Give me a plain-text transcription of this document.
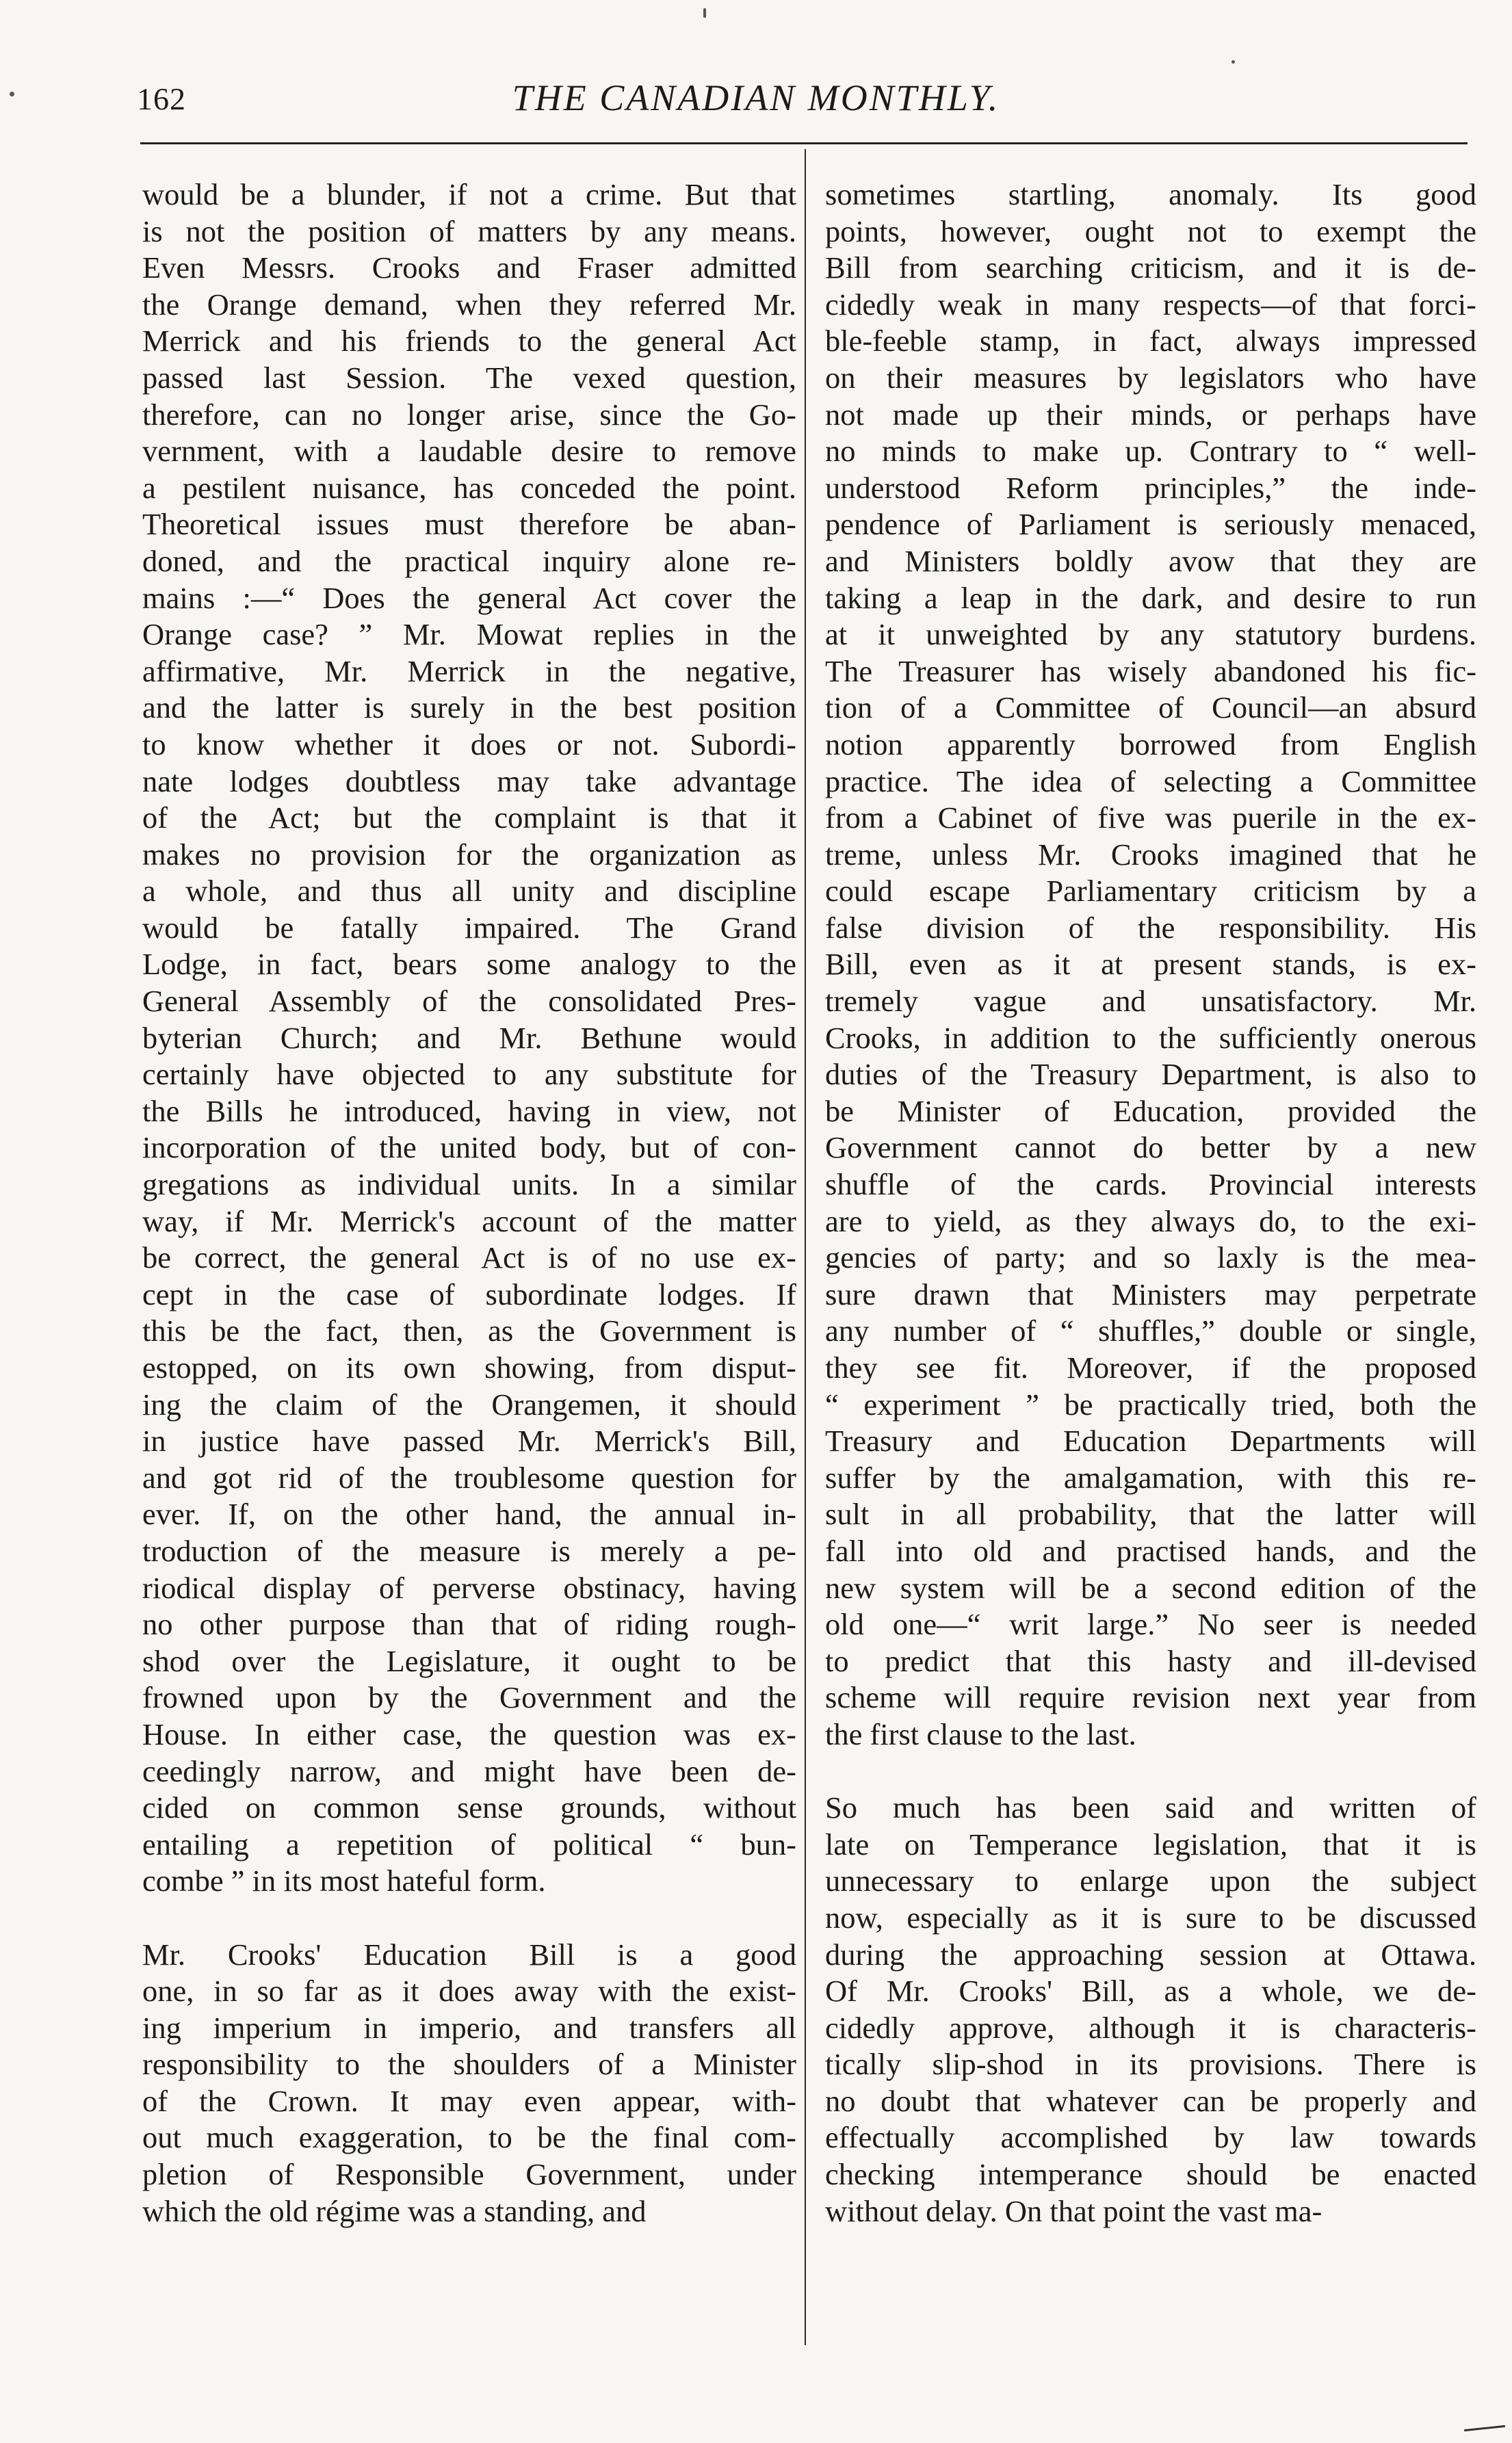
162	THE CANADIAN MONTHLY.
would be a blunder, if not a crime. But that
is not the position of matters by any means.
Even Messrs. Crooks and Fraser admitted
the Orange demand, when they referred Mr.
Merrick and his friends to the general Act
passed last Session. The vexed question,
therefore, can no longer arise, since the Go-
vernment, with a laudable desire to remove
a pestilent nuisance, has conceded the point.
Theoretical issues must therefore be aban-
doned, and the practical inquiry alone re-
mains :—“ Does the general Act cover the
Orange case? ” Mr. Mowat replies in the
affirmative, Mr. Merrick in the negative,
and the latter is surely in the best position
to know whether it does or not. Subordi-
nate lodges doubtless may take advantage
of the Act; but the complaint is that it
makes no provision for the organization as
a whole, and thus all unity and discipline
would be fatally impaired. The Grand
Lodge, in fact, bears some analogy to the
General Assembly of the consolidated Pres-
byterian Church; and Mr. Bethune would
certainly have objected to any substitute for
the Bills he introduced, having in view, not
incorporation of the united body, but of con-
gregations as individual units. In a similar
way, if Mr. Merrick's account of the matter
be correct, the general Act is of no use ex-
cept in the case of subordinate lodges. If
this be the fact, then, as the Government is
estopped, on its own showing, from disput-
ing the claim of the Orangemen, it should
in justice have passed Mr. Merrick's Bill,
and got rid of the troublesome question for
ever. If, on the other hand, the annual in-
troduction of the measure is merely a pe-
riodical display of perverse obstinacy, having
no other purpose than that of riding rough-
shod over the Legislature, it ought to be
frowned upon by the Government and the
House. In either case, the question was ex-
ceedingly narrow, and might have been de-
cided on common sense grounds, without
entailing a repetition of political “ bun-
combe ” in its most hateful form.
Mr. Crooks' Education Bill is a good
one, in so far as it does away with the exist-
ing imperium in imperio, and transfers all
responsibility to the shoulders of a Minister
of the Crown. It may even appear, with-
out much exaggeration, to be the final com-
pletion of Responsible Government, under
which the old régime was a standing, and
sometimes startling, anomaly. Its good
points, however, ought not to exempt the
Bill from searching criticism, and it is de-
cidedly weak in many respects—of that forci-
ble-feeble stamp, in fact, always impressed
on their measures by legislators who have
not made up their minds, or perhaps have
no minds to make up. Contrary to “ well-
understood Reform principles,” the inde-
pendence of Parliament is seriously menaced,
and Ministers boldly avow that they are
taking a leap in the dark, and desire to run
at it unweighted by any statutory burdens.
The Treasurer has wisely abandoned his fic-
tion of a Committee of Council—an absurd
notion apparently borrowed from English
practice. The idea of selecting a Committee
from a Cabinet of five was puerile in the ex-
treme, unless Mr. Crooks imagined that he
could escape Parliamentary criticism by a
false division of the responsibility. His
Bill, even as it at present stands, is ex-
tremely vague and unsatisfactory. Mr.
Crooks, in addition to the sufficiently onerous
duties of the Treasury Department, is also to
be Minister of Education, provided the
Government cannot do better by a new
shuffle of the cards. Provincial interests
are to yield, as they always do, to the exi-
gencies of party; and so laxly is the mea-
sure drawn that Ministers may perpetrate
any number of “ shuffles,” double or single,
they see fit. Moreover, if the proposed
“ experiment ” be practically tried, both the
Treasury and Education Departments will
suffer by the amalgamation, with this re-
sult in all probability, that the latter will
fall into old and practised hands, and the
new system will be a second edition of the
old one—“ writ large.” No seer is needed
to predict that this hasty and ill-devised
scheme will require revision next year from
the first clause to the last.
So much has been said and written of
late on Temperance legislation, that it is
unnecessary to enlarge upon the subject
now, especially as it is sure to be discussed
during the approaching session at Ottawa.
Of Mr. Crooks' Bill, as a whole, we de-
cidedly approve, although it is characteris-
tically slip-shod in its provisions. There is
no doubt that whatever can be properly and
effectually accomplished by law towards
checking intemperance should be enacted
without delay. On that point the vast ma-
